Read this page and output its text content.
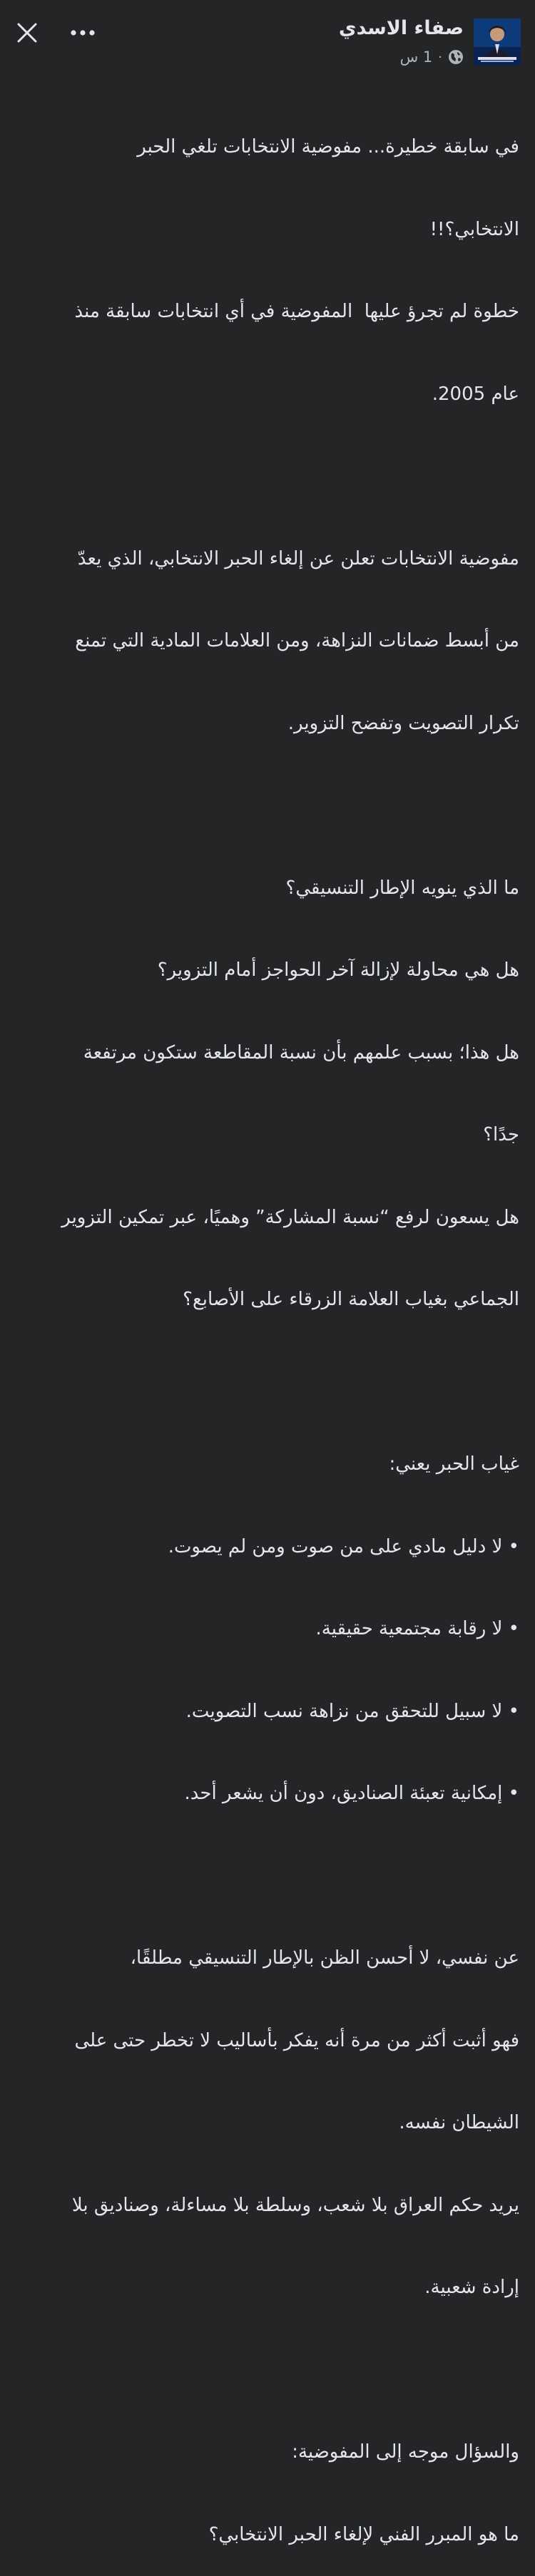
صفاء الاسدي
1 س ·

في سابقة خطيرة... مفوضية الانتخابات تلغي الحبر

الانتخابي؟!!

خطوة لم تجرؤ عليها  المفوضية في أي انتخابات سابقة منذ

عام 2005.

مفوضية الانتخابات تعلن عن إلغاء الحبر الانتخابي، الذي يعدّ

من أبسط ضمانات النزاهة، ومن العلامات المادية التي تمنع

تكرار التصويت وتفضح التزوير.

ما الذي ينويه الإطار التنسيقي؟

هل هي محاولة لإزالة آخر الحواجز أمام التزوير؟

هل هذا؛ بسبب علمهم بأن نسبة المقاطعة ستكون مرتفعة

جدًا؟

هل يسعون لرفع “نسبة المشاركة” وهميًا، عبر تمكين التزوير

الجماعي بغياب العلامة الزرقاء على الأصابع؟

غياب الحبر يعني:

• لا دليل مادي على من صوت ومن لم يصوت.

• لا رقابة مجتمعية حقيقية.

• لا سبيل للتحقق من نزاهة نسب التصويت.

• إمكانية تعبئة الصناديق، دون أن يشعر أحد.

عن نفسي، لا أحسن الظن بالإطار التنسيقي مطلقًا،

فهو أثبت أكثر من مرة أنه يفكر بأساليب لا تخطر حتى على

الشيطان نفسه.

يريد حكم العراق بلا شعب، وسلطة بلا مساءلة، وصناديق بلا

إرادة شعبية.

والسؤال موجه إلى المفوضية:

ما هو المبرر الفني لإلغاء الحبر الانتخابي؟
